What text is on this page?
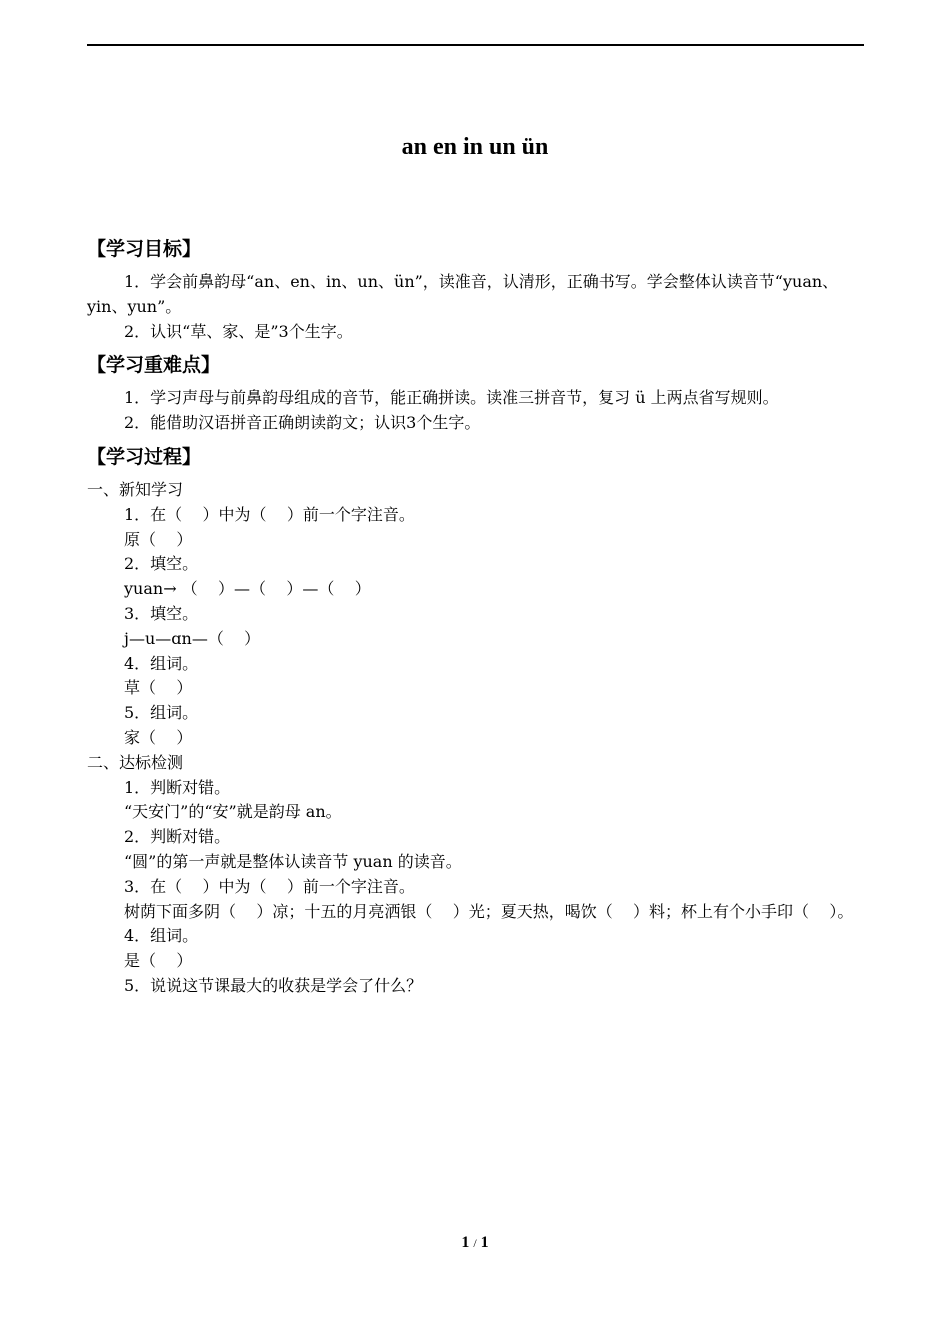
an en in un ün
【学习目标】

1．学会前鼻韵母“an、en、in、un、ün”，读准音，认清形，正确书写。学会整体认读音节“yuan、yin、yun”。

2．认识“草、家、是”3个生字。

【学习重难点】

1．学习声母与前鼻韵母组成的音节，能正确拼读。读准三拼音节，复习 ü 上两点省写规则。

2．能借助汉语拼音正确朗读韵文；认识3个生字。

【学习过程】

一、新知学习

1．在（    ）中为（    ）前一个字注音。

原（    ）

2．填空。

yuan→ （    ）—（    ）—（    ）

3．填空。

j—u—ɑn—（    ）

4．组词。

草（    ）

5．组词。

家（    ）

二、达标检测

1．判断对错。

“天安门”的“安”就是韵母 an。

2．判断对错。

“圆”的第一声就是整体认读音节 yuan 的读音。

3．在（    ）中为（    ）前一个字注音。

树荫下面多阴（    ）凉；十五的月亮洒银（    ）光；夏天热，喝饮（    ）料；杯上有个小手印（    ）。

4．组词。

是（    ）

5．说说这节课最大的收获是学会了什么？

1 / 1
